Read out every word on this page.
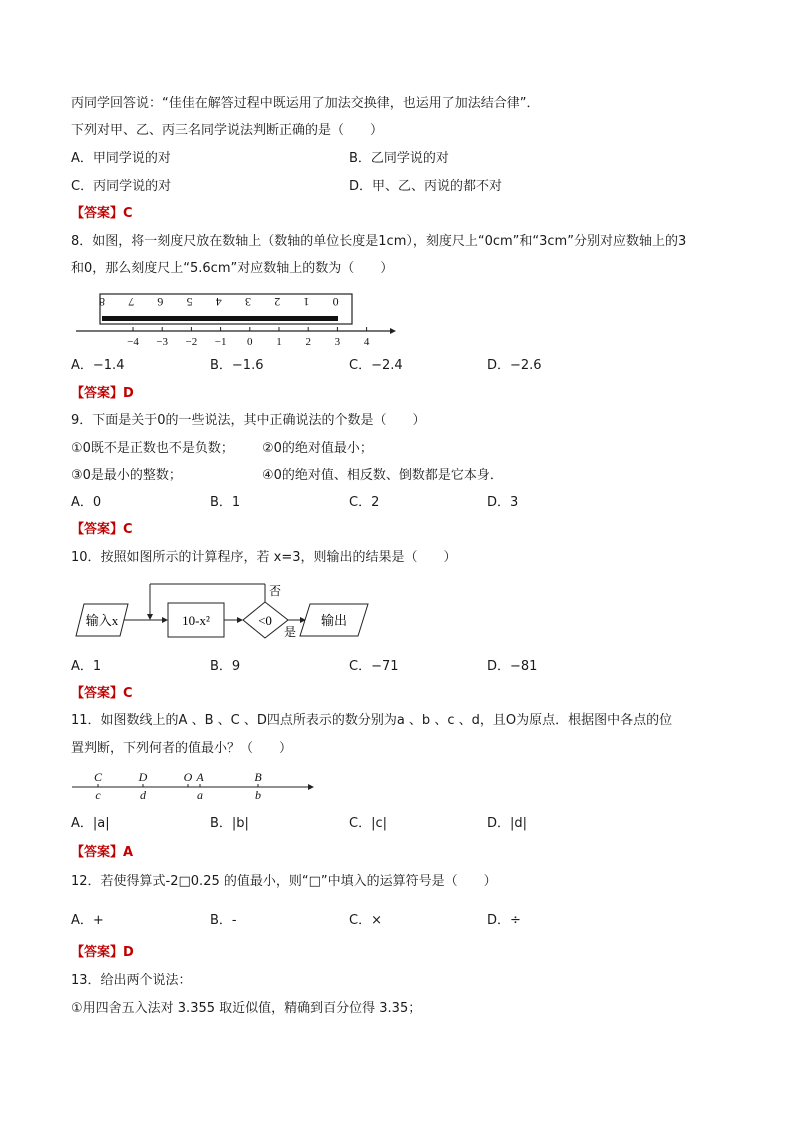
丙同学回答说：“佳佳在解答过程中既运用了加法交换律，也运用了加法结合律”．
下列对甲、乙、丙三名同学说法判断正确的是（　　）
A．甲同学说的对	B．乙同学说的对
C．丙同学说的对	D．甲、乙、丙说的都不对
【答案】C
8．如图，将一刻度尺放在数轴上（数轴的单位长度是1cm），刻度尺上“0cm”和“3cm”分别对应数轴上的3
和0，那么刻度尺上“5.6cm”对应数轴上的数为（　　）
8 7 6 5 4 3 2 1 0
−4 −3 −2 −1 0 1 2 3 4
A．−1.4	B．−1.6	C．−2.4	D．−2.6
【答案】D
9．下面是关于0的一些说法，其中正确说法的个数是（　　）
①0既不是正数也不是负数； ②0的绝对值最小；
③0是最小的整数；	④0的绝对值、相反数、倒数都是它本身．
A．0	B．1	C．2	D．3
【答案】C
10．按照如图所示的计算程序，若 x=3，则输出的结果是（　　）
输入x	10-x²	<0
否
是
输出
A．1	B．9	C．−71	D．−81
【答案】C
11．如图数线上的A 、B 、C 、D四点所表示的数分别为a 、b 、c 、d，且O为原点．根据图中各点的位
置判断，下列何者的值最小？（　　）
C	D	O A	B
c	d	a	b
A．|a|	B．|b|	C．|c|	D．|d|
【答案】A
12．若使得算式-2□0.25 的值最小，则“□”中填入的运算符号是（　　）
A．+	B．-	C．×	D．÷
【答案】D
13．给出两个说法：
①用四舍五入法对 3.355 取近似值，精确到百分位得 3.35；
